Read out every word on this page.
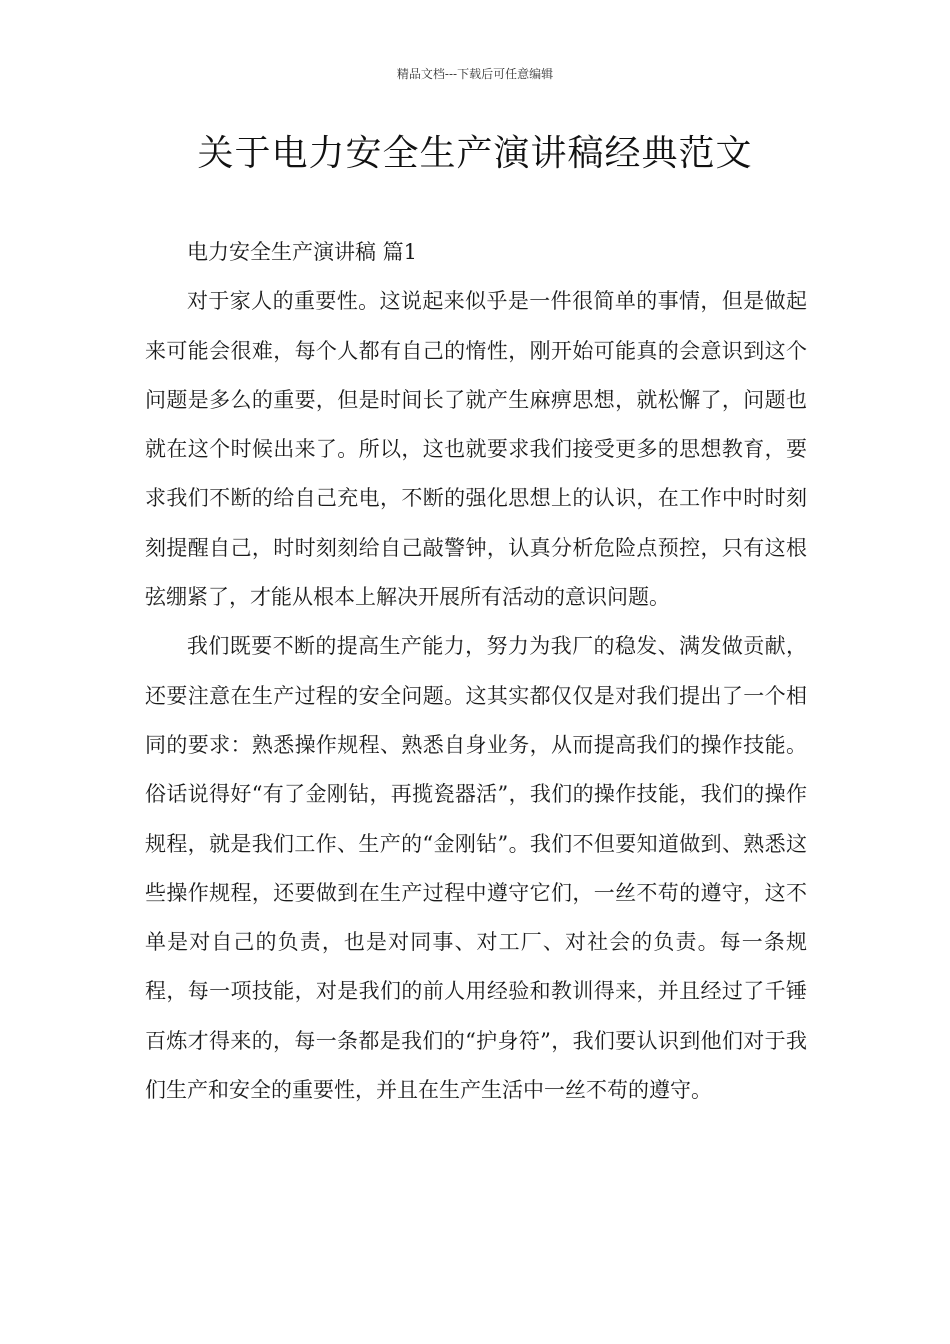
精品文档---下载后可任意编辑
关于电力安全生产演讲稿经典范文

电力安全生产演讲稿 篇1

对于家人的重要性。这说起来似乎是一件很简单的事情，但是做起来可能会很难，每个人都有自己的惰性，刚开始可能真的会意识到这个问题是多么的重要，但是时间长了就产生麻痹思想，就松懈了，问题也就在这个时候出来了。所以，这也就要求我们接受更多的思想教育，要求我们不断的给自己充电，不断的强化思想上的认识，在工作中时时刻刻提醒自己，时时刻刻给自己敲警钟，认真分析危险点预控，只有这根弦绷紧了，才能从根本上解决开展所有活动的意识问题。

我们既要不断的提高生产能力，努力为我厂的稳发、满发做贡献，还要注意在生产过程的安全问题。这其实都仅仅是对我们提出了一个相同的要求：熟悉操作规程、熟悉自身业务，从而提高我们的操作技能。俗话说得好“有了金刚钻，再揽瓷器活”，我们的操作技能，我们的操作规程，就是我们工作、生产的“金刚钻”。我们不但要知道做到、熟悉这些操作规程，还要做到在生产过程中遵守它们，一丝不苟的遵守，这不单是对自己的负责，也是对同事、对工厂、对社会的负责。每一条规程，每一项技能，对是我们的前人用经验和教训得来，并且经过了千锤百炼才得来的，每一条都是我们的“护身符”，我们要认识到他们对于我们生产和安全的重要性，并且在生产生活中一丝不苟的遵守。
